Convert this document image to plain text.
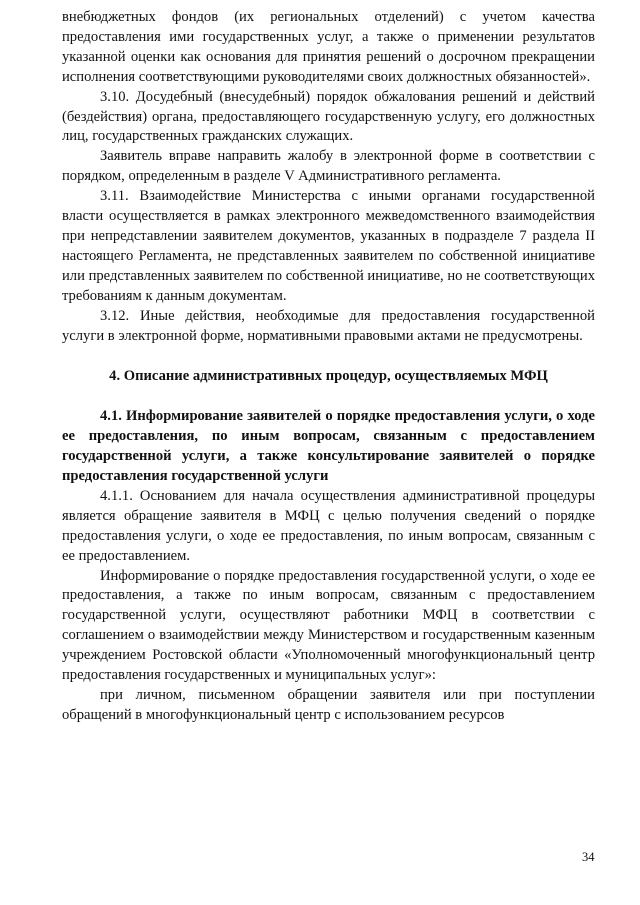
внебюджетных фондов (их региональных отделений) с учетом качества предоставления ими государственных услуг, а также о применении результатов указанной оценки как основания для принятия решений о досрочном прекращении исполнения соответствующими руководителями своих должностных обязанностей».

3.10. Досудебный (внесудебный) порядок обжалования решений и действий (бездействия) органа, предоставляющего государственную услугу, его должностных лиц, государственных гражданских служащих.

Заявитель вправе направить жалобу в электронной форме в соответствии с порядком, определенным в разделе V Административного регламента.

3.11. Взаимодействие Министерства с иными органами государственной власти осуществляется в рамках электронного межведомственного взаимодействия при непредставлении заявителем документов, указанных в подразделе 7 раздела II настоящего Регламента, не представленных заявителем по собственной инициативе или представленных заявителем по собственной инициативе, но не соответствующих требованиям к данным документам.

3.12. Иные действия, необходимые для предоставления государственной услуги в электронной форме, нормативными правовыми актами не предусмотрены.

4. Описание административных процедур, осуществляемых МФЦ

4.1. Информирование заявителей о порядке предоставления услуги, о ходе ее предоставления, по иным вопросам, связанным с предоставлением государственной услуги, а также консультирование заявителей о порядке предоставления государственной услуги

4.1.1. Основанием для начала осуществления административной процедуры является обращение заявителя в МФЦ с целью получения сведений о порядке предоставления услуги, о ходе ее предоставления, по иным вопросам, связанным с ее предоставлением.

Информирование о порядке предоставления государственной услуги, о ходе ее предоставления, а также по иным вопросам, связанным с предоставлением государственной услуги, осуществляют работники МФЦ в соответствии с соглашением о взаимодействии между Министерством и государственным казенным учреждением Ростовской области «Уполномоченный многофункциональный центр предоставления государственных и муниципальных услуг»:

при личном, письменном обращении заявителя или при поступлении обращений в многофункциональный центр с использованием ресурсов

34
